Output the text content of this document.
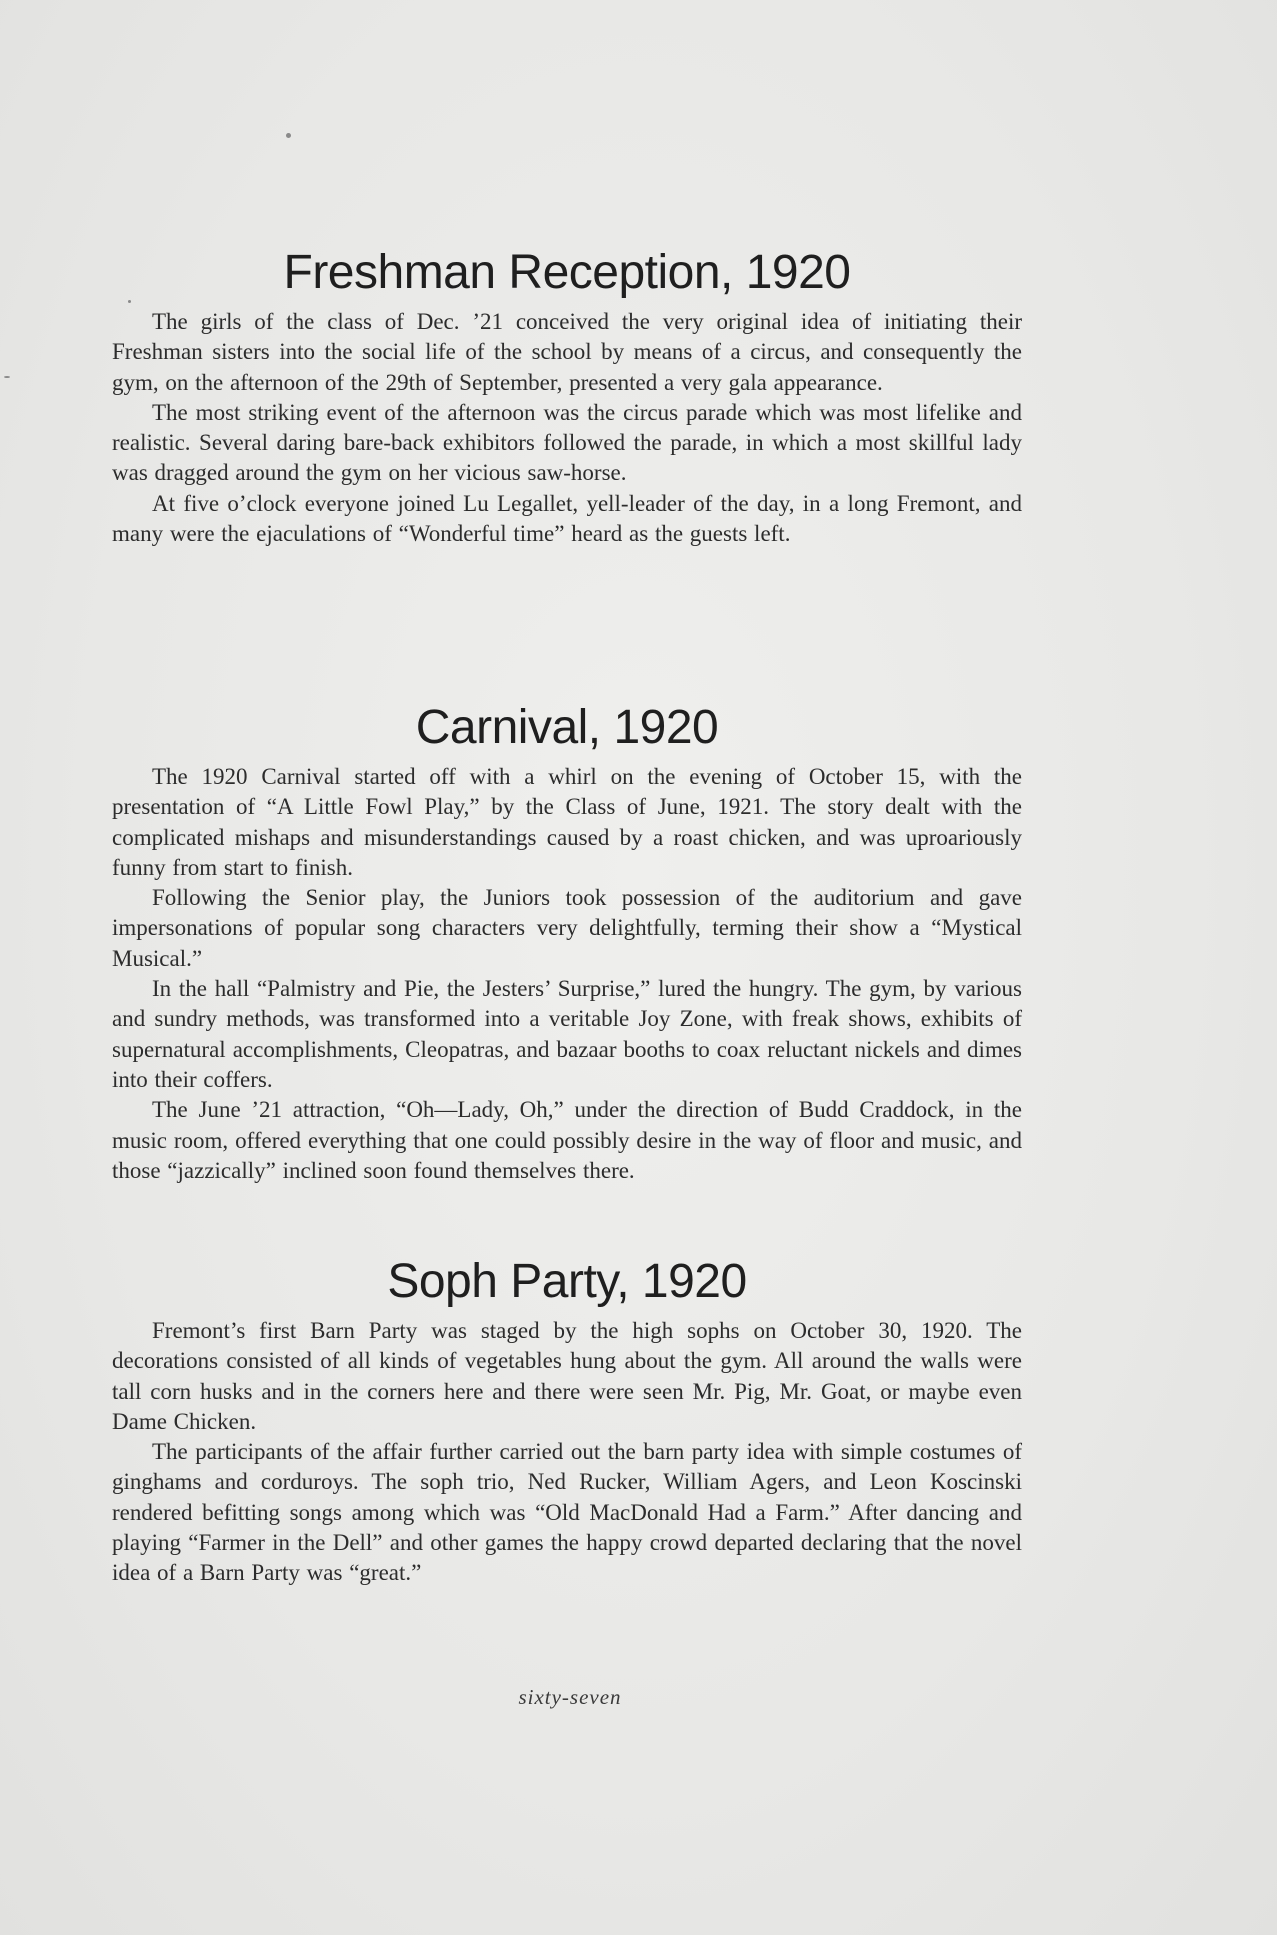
Freshman Reception, 1920

The girls of the class of Dec. ’21 conceived the very original idea of initiating their Freshman sisters into the social life of the school by means of a circus, and consequently the gym, on the afternoon of the 29th of September, presented a very gala appearance.

The most striking event of the afternoon was the circus parade which was most lifelike and realistic. Several daring bare-back exhibitors followed the parade, in which a most skillful lady was dragged around the gym on her vicious saw-horse.

At five o’clock everyone joined Lu Legallet, yell-leader of the day, in a long Fremont, and many were the ejaculations of “Wonderful time” heard as the guests left.

Carnival, 1920

The 1920 Carnival started off with a whirl on the evening of October 15, with the presentation of “A Little Fowl Play,” by the Class of June, 1921. The story dealt with the complicated mishaps and misunderstandings caused by a roast chicken, and was uproariously funny from start to finish.

Following the Senior play, the Juniors took possession of the auditorium and gave impersonations of popular song characters very delightfully, terming their show a “Mystical Musical.”

In the hall “Palmistry and Pie, the Jesters’ Surprise,” lured the hungry. The gym, by various and sundry methods, was transformed into a veritable Joy Zone, with freak shows, exhibits of supernatural accomplishments, Cleopatras, and bazaar booths to coax reluctant nickels and dimes into their coffers.

The June ’21 attraction, “Oh—Lady, Oh,” under the direction of Budd Craddock, in the music room, offered everything that one could possibly desire in the way of floor and music, and those “jazzically” inclined soon found themselves there.

Soph Party, 1920

Fremont’s first Barn Party was staged by the high sophs on October 30, 1920. The decorations consisted of all kinds of vegetables hung about the gym. All around the walls were tall corn husks and in the corners here and there were seen Mr. Pig, Mr. Goat, or maybe even Dame Chicken.

The participants of the affair further carried out the barn party idea with simple costumes of ginghams and corduroys. The soph trio, Ned Rucker, William Agers, and Leon Koscinski rendered befitting songs among which was “Old MacDonald Had a Farm.” After dancing and playing “Farmer in the Dell” and other games the happy crowd departed declaring that the novel idea of a Barn Party was “great.”

sixty-seven
